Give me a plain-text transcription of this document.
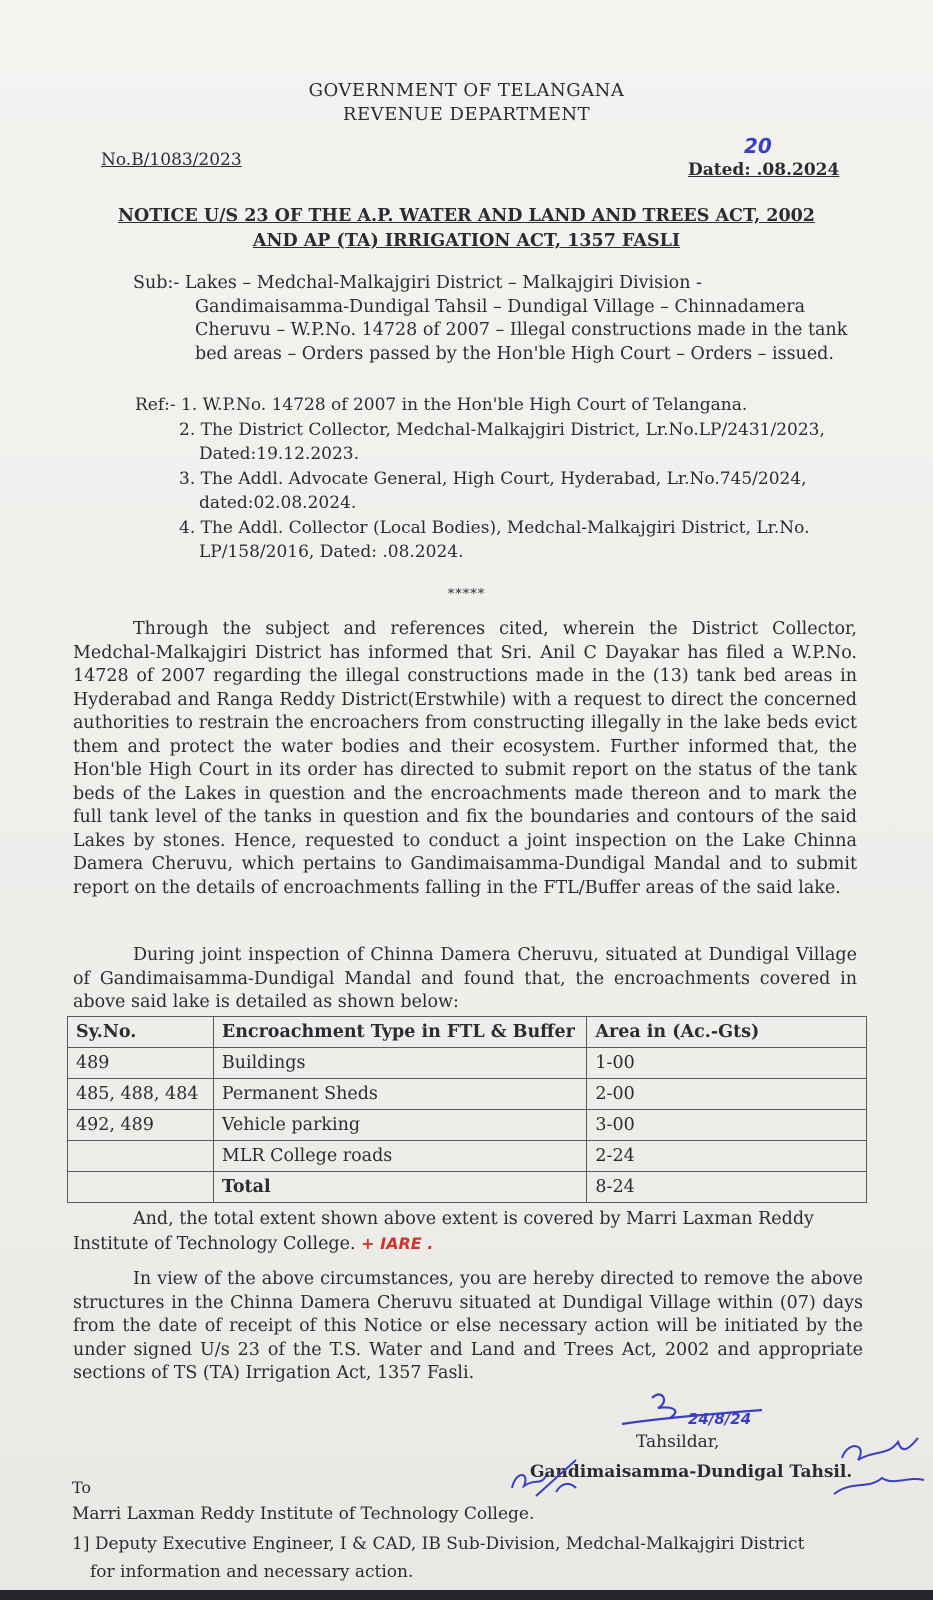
GOVERNMENT OF TELANGANA
REVENUE DEPARTMENT
No.B/1083/2023	Dated: .08.2024
20
NOTICE U/S 23 OF THE A.P. WATER AND LAND AND TREES ACT, 2002
AND AP (TA) IRRIGATION ACT, 1357 FASLI
Sub:- Lakes – Medchal-Malkajgiri District – Malkajgiri Division -
Gandimaisamma-Dundigal Tahsil – Dundigal Village – Chinnadamera
Cheruvu – W.P.No. 14728 of 2007 – Illegal constructions made in the tank
bed areas – Orders passed by the Hon'ble High Court – Orders – issued.
Ref:- 1. W.P.No. 14728 of 2007 in the Hon'ble High Court of Telangana.
2. The District Collector, Medchal-Malkajgiri District, Lr.No.LP/2431/2023,
Dated:19.12.2023.
3. The Addl. Advocate General, High Court, Hyderabad, Lr.No.745/2024,
dated:02.08.2024.
4. The Addl. Collector (Local Bodies), Medchal-Malkajgiri District, Lr.No.
LP/158/2016, Dated: .08.2024.
*****

Through the subject and references cited, wherein the District Collector, Medchal-Malkajgiri District has informed that Sri. Anil C Dayakar has filed a W.P.No. 14728 of 2007 regarding the illegal constructions made in the (13) tank bed areas in Hyderabad and Ranga Reddy District(Erstwhile) with a request to direct the concerned authorities to restrain the encroachers from constructing illegally in the lake beds evict them and protect the water bodies and their ecosystem. Further informed that, the Hon'ble High Court in its order has directed to submit report on the status of the tank beds of the Lakes in question and the encroachments made thereon and to mark the full tank level of the tanks in question and fix the boundaries and contours of the said Lakes by stones. Hence, requested to conduct a joint inspection on the Lake Chinna Damera Cheruvu, which pertains to Gandimaisamma-Dundigal Mandal and to submit report on the details of encroachments falling in the FTL/Buffer areas of the said lake.

During joint inspection of Chinna Damera Cheruvu, situated at Dundigal Village of Gandimaisamma-Dundigal Mandal and found that, the encroachments covered in above said lake is detailed as shown below:

Sy.No.	Encroachment Type in FTL & Buffer	Area in (Ac.-Gts)
489	Buildings	1-00
485, 488, 484	Permanent Sheds	2-00
492, 489	Vehicle parking	3-00
	MLR College roads	2-24
	Total	8-24

And, the total extent shown above extent is covered by Marri Laxman Reddy Institute of Technology College. + IARE .

In view of the above circumstances, you are hereby directed to remove the above structures in the Chinna Damera Cheruvu situated at Dundigal Village within (07) days from the date of receipt of this Notice or else necessary action will be initiated by the under signed U/s 23 of the T.S. Water and Land and Trees Act, 2002 and appropriate sections of TS (TA) Irrigation Act, 1357 Fasli.

24/8/24
Tahsildar,
Gandimaisamma-Dundigal Tahsil.
To
Marri Laxman Reddy Institute of Technology College.
1] Deputy Executive Engineer, I & CAD, IB Sub-Division, Medchal-Malkajgiri District
for information and necessary action.
